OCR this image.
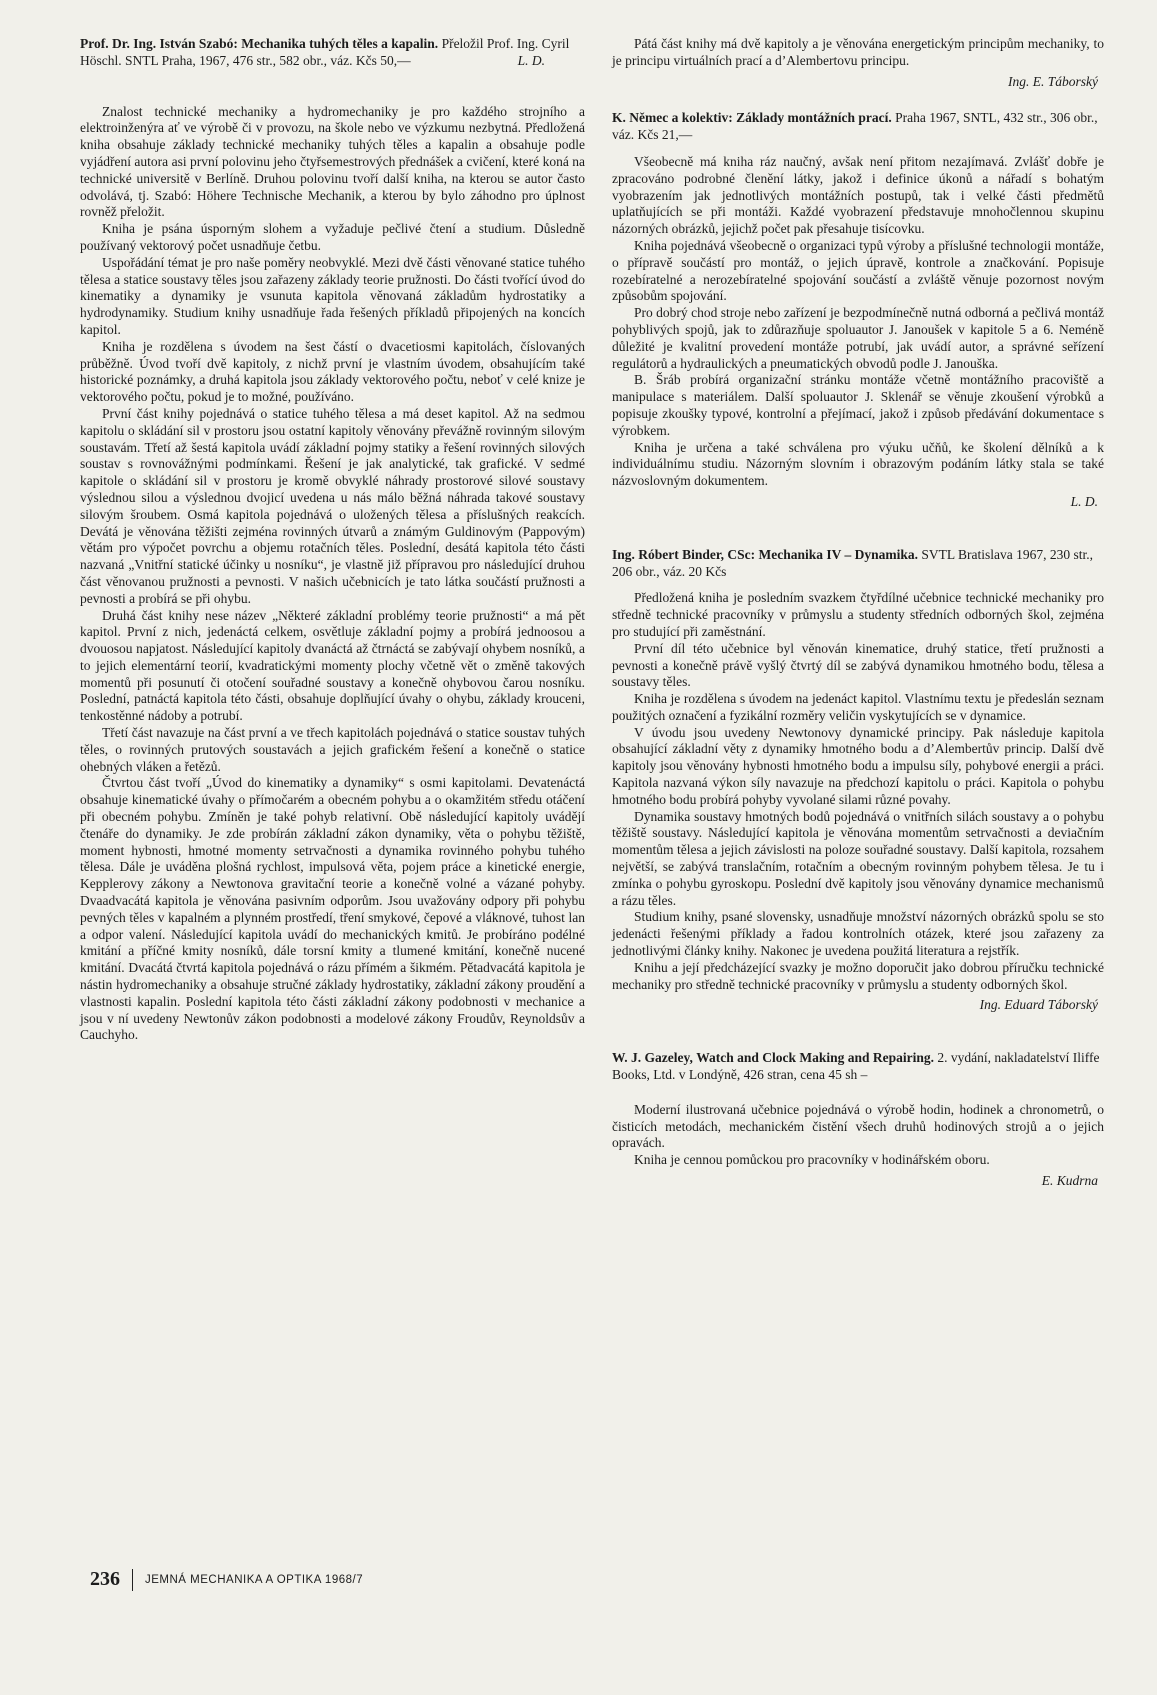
Prof. Dr. Ing. István Szabó: Mechanika tuhých těles a kapalin. Přeložil Prof. Ing. Cyril Höschl. SNTL Praha, 1967, 476 str., 582 obr., váz. Kčs 50,—	L. D.

Znalost technické mechaniky a hydromechaniky je pro každého strojního a elektroinženýra ať ve výrobě či v provozu, na škole nebo ve výzkumu nezbytná. Předložená kniha obsahuje základy technické mechaniky tuhých těles a kapalin a obsahuje podle vyjádření autora asi první polovinu jeho čtyřsemestrových přednášek a cvičení, které koná na technické universitě v Berlíně. Druhou polovinu tvoří další kniha, na kterou se autor často odvolává, tj. Szabó: Höhere Technische Mechanik, a kterou by bylo záhodno pro úplnost rovněž přeložit.

Kniha je psána úsporným slohem a vyžaduje pečlivé čtení a studium. Důsledně používaný vektorový počet usnadňuje četbu.

Uspořádání témat je pro naše poměry neobvyklé. Mezi dvě části věnované statice tuhého tělesa a statice soustavy těles jsou zařazeny základy teorie pružnosti. Do části tvořící úvod do kinematiky a dynamiky je vsunuta kapitola věnovaná základům hydrostatiky a hydrodynamiky. Studium knihy usnadňuje řada řešených příkladů připojených na koncích kapitol.

Kniha je rozdělena s úvodem na šest částí o dvacetiosmi kapitolách, číslovaných průběžně. Úvod tvoří dvě kapitoly, z nichž první je vlastním úvodem, obsahujícím také historické poznámky, a druhá kapitola jsou základy vektorového počtu, neboť v celé knize je vektorového počtu, pokud je to možné, používáno.

První část knihy pojednává o statice tuhého tělesa a má deset kapitol. Až na sedmou kapitolu o skládání sil v prostoru jsou ostatní kapitoly věnovány převážně rovinným silovým soustavám. Třetí až šestá kapitola uvádí základní pojmy statiky a řešení rovinných silových soustav s rovnovážnými podmínkami. Řešení je jak analytické, tak grafické. V sedmé kapitole o skládání sil v prostoru je kromě obvyklé náhrady prostorové silové soustavy výslednou silou a výslednou dvojicí uvedena u nás málo běžná náhrada takové soustavy silovým šroubem. Osmá kapitola pojednává o uložených tělesa a příslušných reakcích. Devátá je věnována těžišti zejména rovinných útvarů a známým Guldinovým (Pappovým) větám pro výpočet povrchu a objemu rotačních těles. Poslední, desátá kapitola této části nazvaná „Vnitřní statické účinky u nosníku“, je vlastně již přípravou pro následující druhou část věnovanou pružnosti a pevnosti. V našich učebnicích je tato látka součástí pružnosti a pevnosti a probírá se při ohybu.

Druhá část knihy nese název „Některé základní problémy teorie pružnosti“ a má pět kapitol. První z nich, jedenáctá celkem, osvětluje základní pojmy a probírá jednoosou a dvouosou napjatost. Následující kapitoly dvanáctá až čtrnáctá se zabývají ohybem nosníků, a to jejich elementární teorií, kvadratickými momenty plochy včetně vět o změně takových momentů při posunutí či otočení souřadné soustavy a konečně ohybovou čarou nosníku. Poslední, patnáctá kapitola této části, obsahuje doplňující úvahy o ohybu, základy krouceni, tenkostěnné nádoby a potrubí.

Třetí část navazuje na část první a ve třech kapitolách pojednává o statice soustav tuhých těles, o rovinných prutových soustavách a jejich grafickém řešení a konečně o statice ohebných vláken a řetězů.

Čtvrtou část tvoří „Úvod do kinematiky a dynamiky“ s osmi kapitolami. Devatenáctá obsahuje kinematické úvahy o přímočarém a obecném pohybu a o okamžitém středu otáčení při obecném pohybu. Zmíněn je také pohyb relativní. Obě následující kapitoly uvádějí čtenáře do dynamiky. Je zde probírán základní zákon dynamiky, věta o pohybu těžiště, moment hybnosti, hmotné momenty setrvačnosti a dynamika rovinného pohybu tuhého tělesa. Dále je uváděna plošná rychlost, impulsová věta, pojem práce a kinetické energie, Kepplerovy zákony a Newtonova gravitační teorie a konečně volné a vázané pohyby. Dvaadvacátá kapitola je věnována pasivním odporům. Jsou uvažovány odpory při pohybu pevných těles v kapalném a plynném prostředí, tření smykové, čepové a vláknové, tuhost lan a odpor valení. Následující kapitola uvádí do mechanických kmitů. Je probíráno podélné kmitání a příčné kmity nosníků, dále torsní kmity a tlumené kmitání, konečně nucené kmitání. Dvacátá čtvrtá kapitola pojednává o rázu přímém a šikmém. Pětadvacátá kapitola je nástin hydromechaniky a obsahuje stručné základy hydrostatiky, základní zákony proudění a vlastnosti kapalin. Poslední kapitola této části základní zákony podobnosti v mechanice a jsou v ní uvedeny Newtonův zákon podobnosti a modelové zákony Froudův, Reynoldsův a Cauchyho.

Pátá část knihy má dvě kapitoly a je věnována energetickým principům mechaniky, to je principu virtuálních prací a d’Alembertovu principu.

Ing. E. Táborský

K. Němec a kolektiv: Základy montážních prací. Praha 1967, SNTL, 432 str., 306 obr., váz. Kčs 21,—

Všeobecně má kniha ráz naučný, avšak není přitom nezajímavá. Zvlášť dobře je zpracováno podrobné členění látky, jakož i definice úkonů a nářadí s bohatým vyobrazením jak jednotlivých montážních postupů, tak i velké části předmětů uplatňujících se při montáži. Každé vyobrazení představuje mnohočlennou skupinu názorných obrázků, jejichž počet pak přesahuje tisícovku.

Kniha pojednává všeobecně o organizaci typů výroby a příslušné technologii montáže, o přípravě součástí pro montáž, o jejich úpravě, kontrole a značkování. Popisuje rozebíratelné a nerozebíratelné spojování součástí a zvláště věnuje pozornost novým způsobům spojování.

Pro dobrý chod stroje nebo zařízení je bezpodmínečně nutná odborná a pečlivá montáž pohyblivých spojů, jak to zdůrazňuje spoluautor J. Janoušek v kapitole 5 a 6. Neméně důležité je kvalitní provedení montáže potrubí, jak uvádí autor, a správné seřízení regulátorů a hydraulických a pneumatických obvodů podle J. Janouška.

B. Šráb probírá organizační stránku montáže včetně montážního pracoviště a manipulace s materiálem. Další spoluautor J. Sklenář se věnuje zkoušení výrobků a popisuje zkoušky typové, kontrolní a přejímací, jakož i způsob předávání dokumentace s výrobkem.

Kniha je určena a také schválena pro výuku učňů, ke školení dělníků a k individuálnímu studiu. Názorným slovním i obrazovým podáním látky stala se také názvoslovným dokumentem.

L. D.

Ing. Róbert Binder, CSc: Mechanika IV – Dynamika. SVTL Bratislava 1967, 230 str., 206 obr., váz. 20 Kčs

Předložená kniha je posledním svazkem čtyřdílné učebnice technické mechaniky pro středně technické pracovníky v průmyslu a studenty středních odborných škol, zejména pro studující při zaměstnání.

První díl této učebnice byl věnován kinematice, druhý statice, třetí pružnosti a pevnosti a konečně právě vyšlý čtvrtý díl se zabývá dynamikou hmotného bodu, tělesa a soustavy těles.

Kniha je rozdělena s úvodem na jedenáct kapitol. Vlastnímu textu je předeslán seznam použitých označení a fyzikální rozměry veličin vyskytujících se v dynamice.

V úvodu jsou uvedeny Newtonovy dynamické principy. Pak následuje kapitola obsahující základní věty z dynamiky hmotného bodu a d’Alembertův princip. Další dvě kapitoly jsou věnovány hybnosti hmotného bodu a impulsu síly, pohybové energii a práci. Kapitola nazvaná výkon síly navazuje na předchozí kapitolu o práci. Kapitola o pohybu hmotného bodu probírá pohyby vyvolané silami různé povahy.

Dynamika soustavy hmotných bodů pojednává o vnitřních silách soustavy a o pohybu těžiště soustavy. Následující kapitola je věnována momentům setrvačnosti a deviačním momentům tělesa a jejich závislosti na poloze souřadné soustavy. Další kapitola, rozsahem největší, se zabývá translačním, rotačním a obecným rovinným pohybem tělesa. Je tu i zmínka o pohybu gyroskopu. Poslední dvě kapitoly jsou věnovány dynamice mechanismů a rázu těles.

Studium knihy, psané slovensky, usnadňuje množství názorných obrázků spolu se sto jedenácti řešenými příklady a řadou kontrolních otázek, které jsou zařazeny za jednotlivými články knihy. Nakonec je uvedena použitá literatura a rejstřík.

Knihu a její předcházející svazky je možno doporučit jako dobrou příručku technické mechaniky pro středně technické pracovníky v průmyslu a studenty odborných škol.

Ing. Eduard Táborský

W. J. Gazeley, Watch and Clock Making and Repairing. 2. vydání, nakladatelství Iliffe Books, Ltd. v Londýně, 426 stran, cena 45 sh –

Moderní ilustrovaná učebnice pojednává o výrobě hodin, hodinek a chronometrů, o čisticích metodách, mechanickém čistění všech druhů hodinových strojů a o jejich opravách.

Kniha je cennou pomůckou pro pracovníky v hodinářském oboru.

E. Kudrna

236 JEMNÁ MECHANIKA A OPTIKA 1968/7
